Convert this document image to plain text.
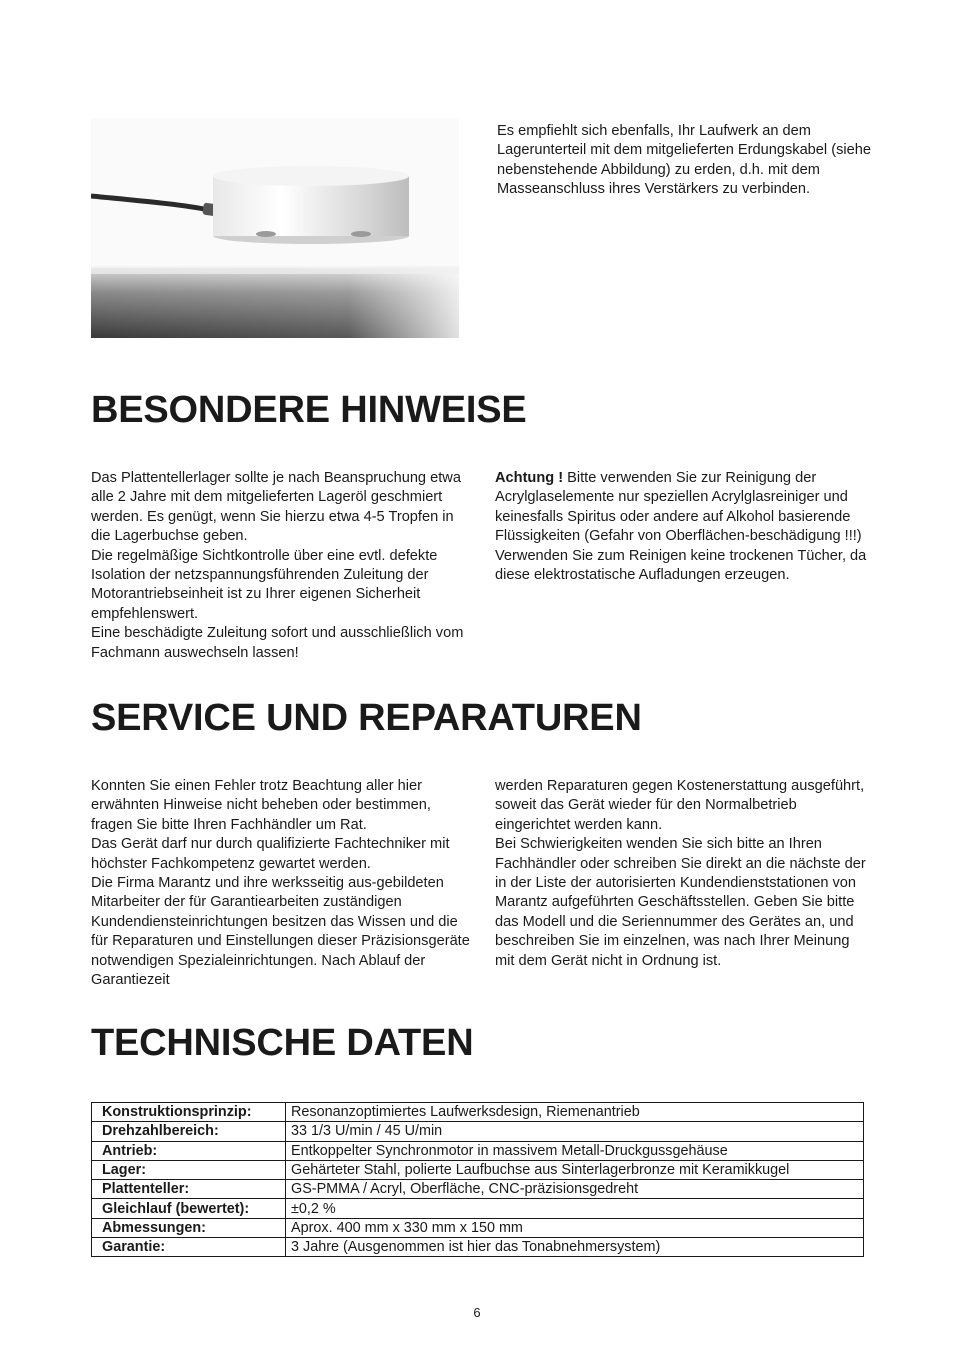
Es empfiehlt sich ebenfalls, Ihr Laufwerk an dem Lagerunterteil mit dem mitgelieferten Erdungskabel (siehe nebenstehende Abbildung) zu erden, d.h. mit dem Masseanschluss ihres Verstärkers zu verbinden.

BESONDERE HINWEISE

Das Plattentellerlager sollte je nach Beanspruchung etwa alle 2 Jahre mit dem mitgelieferten Lageröl geschmiert werden. Es genügt, wenn Sie hierzu etwa 4-5 Tropfen in die Lagerbuchse geben.

Die regelmäßige Sichtkontrolle über eine evtl. defekte Isolation der netzspannungsführenden Zuleitung der Motorantriebseinheit ist zu Ihrer eigenen Sicherheit empfehlenswert.

Eine beschädigte Zuleitung sofort und ausschließlich vom Fachmann auswechseln lassen!

Achtung ! Bitte verwenden Sie zur Reinigung der Acrylglaselemente nur speziellen Acrylglasreiniger und keinesfalls Spiritus oder andere auf Alkohol basierende Flüssigkeiten (Gefahr von Oberflächen-beschädigung !!!) Verwenden Sie zum Reinigen keine trockenen Tücher, da diese elektrostatische Aufladungen erzeugen.

SERVICE UND REPARATUREN

Konnten Sie einen Fehler trotz Beachtung aller hier erwähnten Hinweise nicht beheben oder bestimmen, fragen Sie bitte Ihren Fachhändler um Rat.

Das Gerät darf nur durch qualifizierte Fachtechniker mit höchster Fachkompetenz gewartet werden.

Die Firma Marantz und ihre werksseitig aus-gebildeten Mitarbeiter der für Garantiearbeiten zuständigen Kundendiensteinrichtungen besitzen das Wissen und die für Reparaturen und Einstellungen dieser Präzisionsgeräte notwendigen Spezialeinrichtungen. Nach Ablauf der Garantiezeit

werden Reparaturen gegen Kostenerstattung ausgeführt, soweit das Gerät wieder für den Normalbetrieb eingerichtet werden kann.

Bei Schwierigkeiten wenden Sie sich bitte an Ihren Fachhändler oder schreiben Sie direkt an die nächste der in der Liste der autorisierten Kundendienststationen von Marantz aufgeführten Geschäftsstellen. Geben Sie bitte das Modell und die Seriennummer des Gerätes an, und beschreiben Sie im einzelnen, was nach Ihrer Meinung mit dem Gerät nicht in Ordnung ist.

TECHNISCHE DATEN
Konstruktionsprinzip:	Resonanzoptimiertes Laufwerksdesign, Riemenantrieb
Drehzahlbereich:	33 1/3 U/min / 45 U/min
Antrieb:	Entkoppelter Synchronmotor in massivem Metall-Druckgussgehäuse
Lager:	Gehärteter Stahl, polierte Laufbuchse aus Sinterlagerbronze mit Keramikkugel
Plattenteller:	GS-PMMA / Acryl, Oberfläche, CNC-präzisionsgedreht
Gleichlauf (bewertet):	±0,2 %
Abmessungen:	Aprox. 400 mm x 330 mm x 150 mm
Garantie:	3 Jahre (Ausgenommen ist hier das Tonabnehmersystem)
6
